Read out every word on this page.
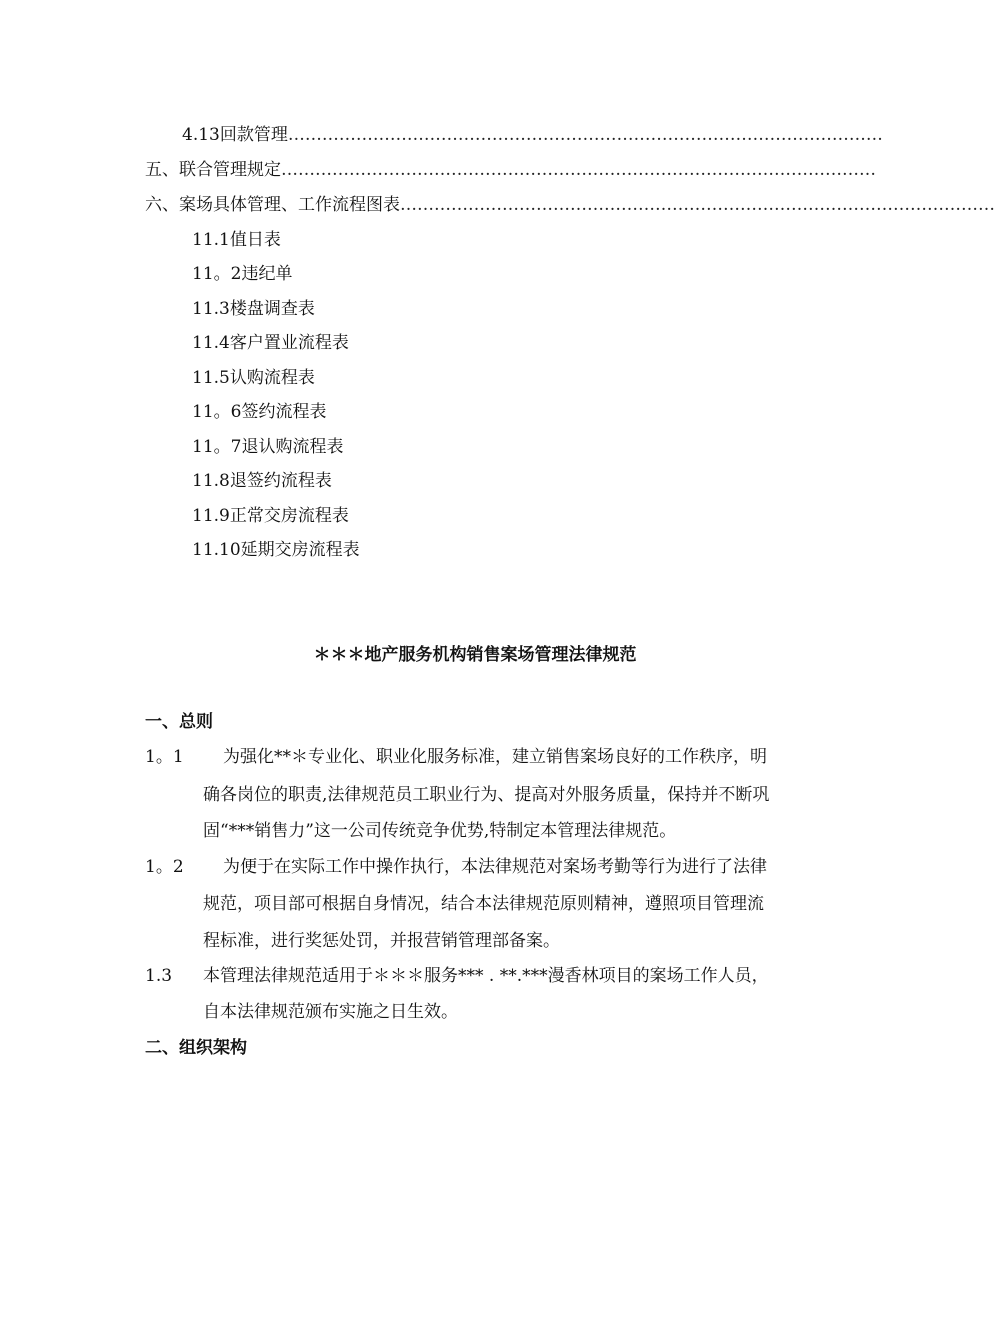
4.13回款管理 ……………………………………………………………………………………………
五、联合管理规定 ……………………………………………………………………………………………
六、案场具体管理、工作流程图表 ……………………………………………………………………………………………
11.1值日表
11。2违纪单
11.3楼盘调查表
11.4客户置业流程表
11.5认购流程表
11。6签约流程表
11。7退认购流程表
11.8退签约流程表
11.9正常交房流程表
11.10延期交房流程表
＊＊＊地产服务机构销售案场管理法律规范
一、总则
1。1 为强化**＊专业化、职业化服务标准，建立销售案场良好的工作秩序，明
确各岗位的职责,法律规范员工职业行为、提高对外服务质量，保持并不断巩
固“***销售力”这一公司传统竞争优势,特制定本管理法律规范。
1。2 为便于在实际工作中操作执行，本法律规范对案场考勤等行为进行了法律
规范，项目部可根据自身情况，结合本法律规范原则精神，遵照项目管理流
程标准，进行奖惩处罚，并报营销管理部备案。
1.3 本管理法律规范适用于＊＊＊服务*** . **.***漫香林项目的案场工作人员，
自本法律规范颁布实施之日生效。
二、组织架构
